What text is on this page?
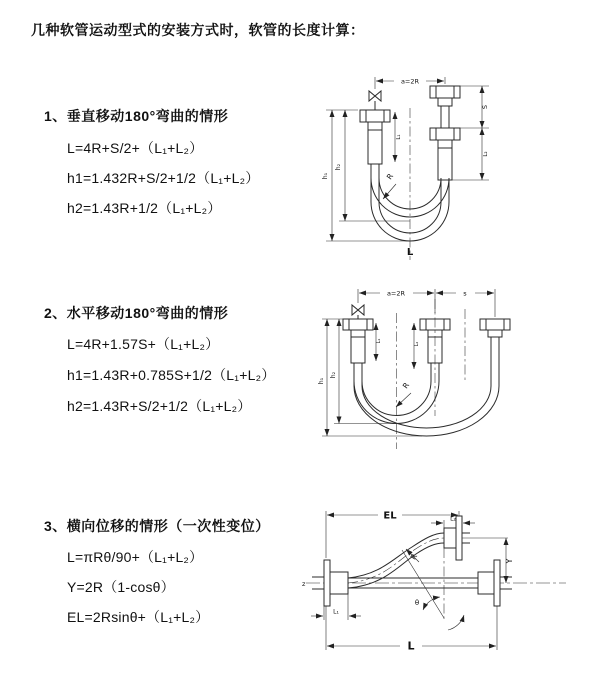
几种软管运动型式的安装方式时，软管的长度计算：
1、垂直移动180°弯曲的情形
L=4R+S/2+（L₁+L₂）
h1=1.432R+S/2+1/2（L₁+L₂）
h2=1.43R+1/2（L₁+L₂）
2、水平移动180°弯曲的情形
L=4R+1.57S+（L₁+L₂）
h1=1.43R+0.785S+1/2（L₁+L₂）
h2=1.43R+S/2+1/2（L₁+L₂）
3、横向位移的情形（一次性变位）
L=πRθ/90+（L₁+L₂）
Y=2R（1-cosθ）
EL=2Rsinθ+（L₁+L₂）
a=2R
h₁
h₂
S
L₂
L₁
R
L
a=2R	s
h₁
h₂
L₁
L₂
R
z
EL	L₂
Y
L
L₁
θ
R
